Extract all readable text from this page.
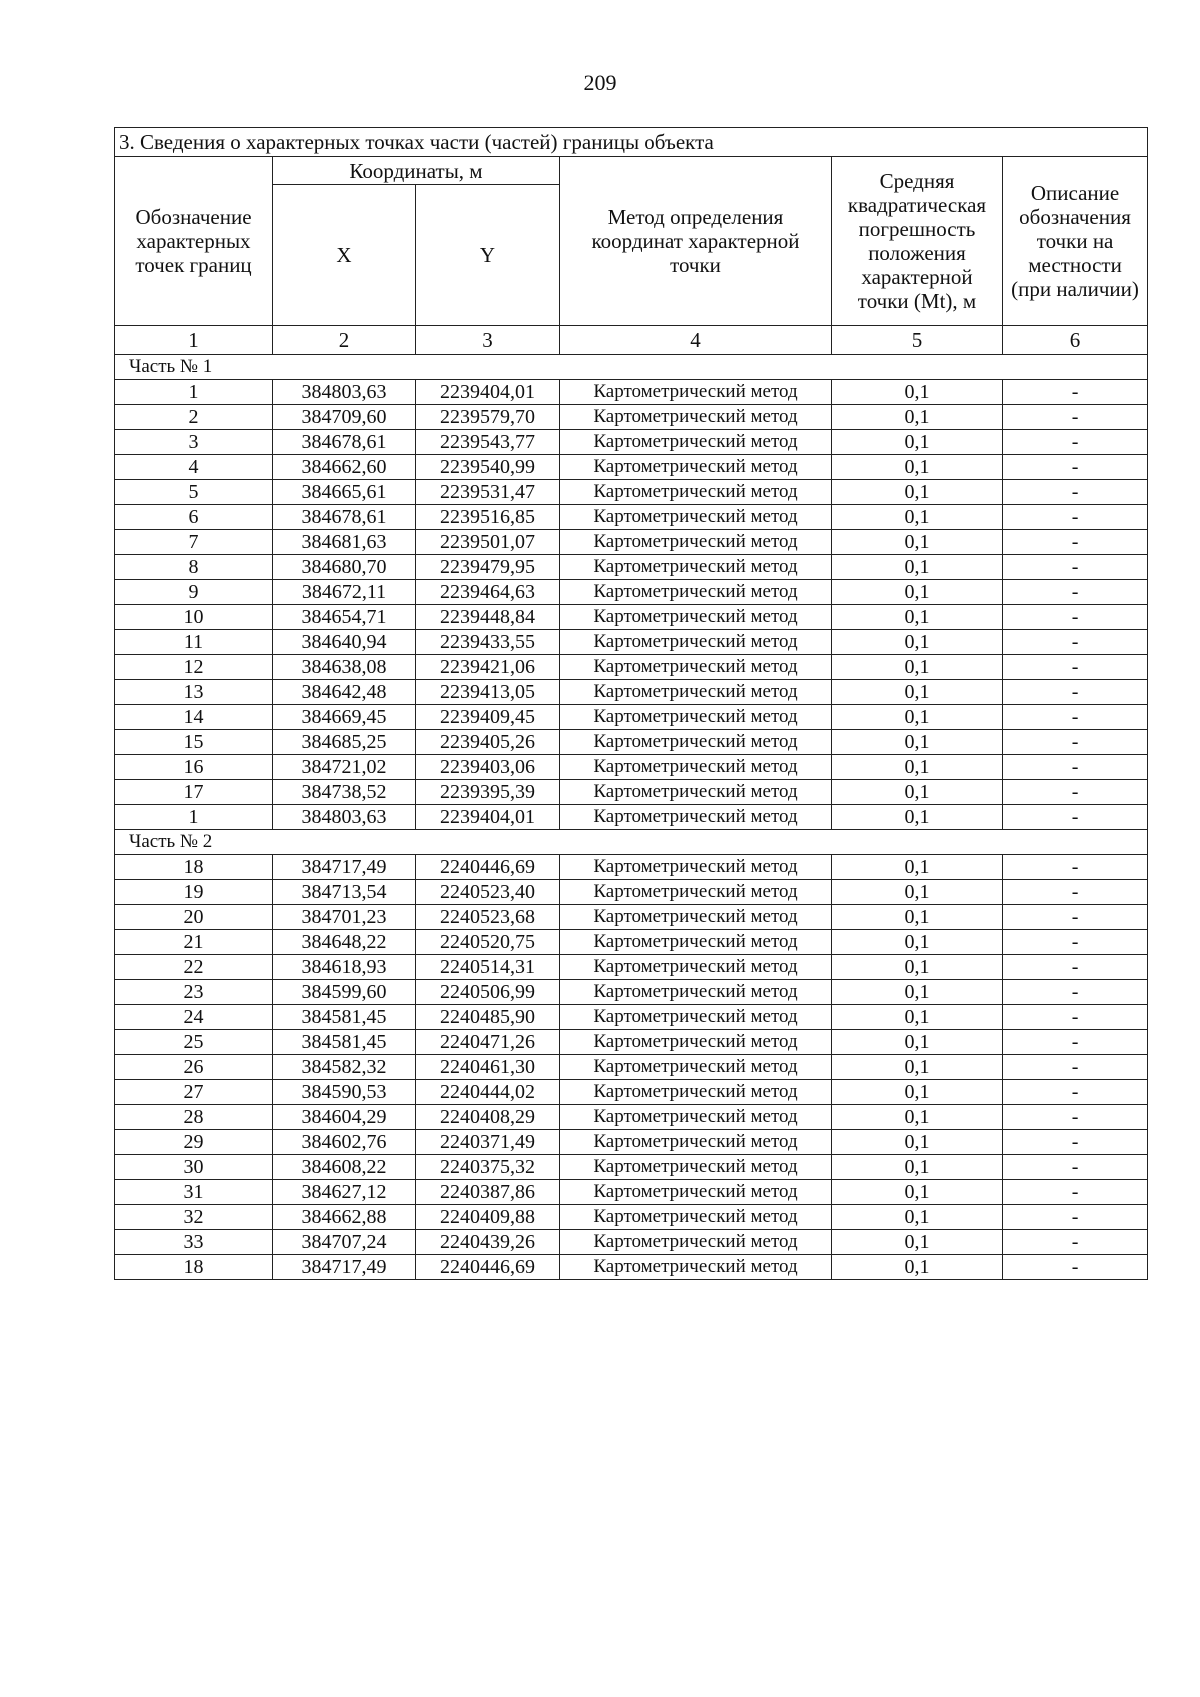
209
3. Сведения о характерных точках части (частей) границы объекта					
Обозначение характерных точек границ	Координаты, м		Метод определения координат характерной точки	Средняя квадратическая погрешность положения характерной точки (Mt), м	Описание обозначения точки на местности (при наличии)
	X	Y			
1	2	3	4	5	6
Часть № 1					
1	384803,63	2239404,01	Картометрический метод	0,1	-
2	384709,60	2239579,70	Картометрический метод	0,1	-
3	384678,61	2239543,77	Картометрический метод	0,1	-
4	384662,60	2239540,99	Картометрический метод	0,1	-
5	384665,61	2239531,47	Картометрический метод	0,1	-
6	384678,61	2239516,85	Картометрический метод	0,1	-
7	384681,63	2239501,07	Картометрический метод	0,1	-
8	384680,70	2239479,95	Картометрический метод	0,1	-
9	384672,11	2239464,63	Картометрический метод	0,1	-
10	384654,71	2239448,84	Картометрический метод	0,1	-
11	384640,94	2239433,55	Картометрический метод	0,1	-
12	384638,08	2239421,06	Картометрический метод	0,1	-
13	384642,48	2239413,05	Картометрический метод	0,1	-
14	384669,45	2239409,45	Картометрический метод	0,1	-
15	384685,25	2239405,26	Картометрический метод	0,1	-
16	384721,02	2239403,06	Картометрический метод	0,1	-
17	384738,52	2239395,39	Картометрический метод	0,1	-
1	384803,63	2239404,01	Картометрический метод	0,1	-
Часть № 2					
18	384717,49	2240446,69	Картометрический метод	0,1	-
19	384713,54	2240523,40	Картометрический метод	0,1	-
20	384701,23	2240523,68	Картометрический метод	0,1	-
21	384648,22	2240520,75	Картометрический метод	0,1	-
22	384618,93	2240514,31	Картометрический метод	0,1	-
23	384599,60	2240506,99	Картометрический метод	0,1	-
24	384581,45	2240485,90	Картометрический метод	0,1	-
25	384581,45	2240471,26	Картометрический метод	0,1	-
26	384582,32	2240461,30	Картометрический метод	0,1	-
27	384590,53	2240444,02	Картометрический метод	0,1	-
28	384604,29	2240408,29	Картометрический метод	0,1	-
29	384602,76	2240371,49	Картометрический метод	0,1	-
30	384608,22	2240375,32	Картометрический метод	0,1	-
31	384627,12	2240387,86	Картометрический метод	0,1	-
32	384662,88	2240409,88	Картометрический метод	0,1	-
33	384707,24	2240439,26	Картометрический метод	0,1	-
18	384717,49	2240446,69	Картометрический метод	0,1	-
